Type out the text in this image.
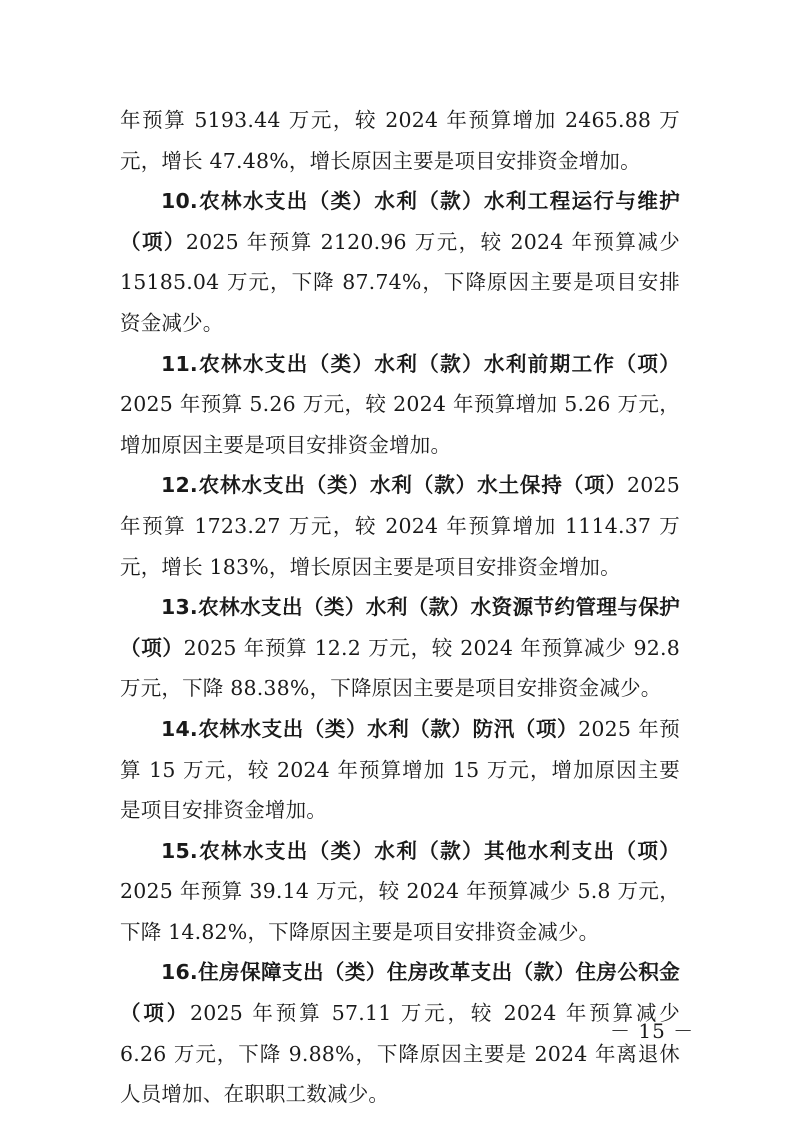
年预算 5193.44 万元，较 2024 年预算增加 2465.88 万元，增长 47.48%，增长原因主要是项目安排资金增加。

10.农林水支出（类）水利（款）水利工程运行与维护（项）2025 年预算 2120.96 万元，较 2024 年预算减少 15185.04 万元，下降 87.74%，下降原因主要是项目安排资金减少。

11.农林水支出（类）水利（款）水利前期工作（项）2025 年预算 5.26 万元，较 2024 年预算增加 5.26 万元，增加原因主要是项目安排资金增加。

12.农林水支出（类）水利（款）水土保持（项）2025 年预算 1723.27 万元，较 2024 年预算增加 1114.37 万元，增长 183%，增长原因主要是项目安排资金增加。

13.农林水支出（类）水利（款）水资源节约管理与保护（项）2025 年预算 12.2 万元，较 2024 年预算减少 92.8 万元，下降 88.38%，下降原因主要是项目安排资金减少。

14.农林水支出（类）水利（款）防汛（项）2025 年预算 15 万元，较 2024 年预算增加 15 万元，增加原因主要是项目安排资金增加。

15.农林水支出（类）水利（款）其他水利支出（项）2025 年预算 39.14 万元，较 2024 年预算减少 5.8 万元，下降 14.82%，下降原因主要是项目安排资金减少。

16.住房保障支出（类）住房改革支出（款）住房公积金（项）2025 年预算 57.11 万元，较 2024 年预算减少 6.26 万元，下降 9.88%，下降原因主要是 2024 年离退休人员增加、在职职工数减少。

－ 15 －
